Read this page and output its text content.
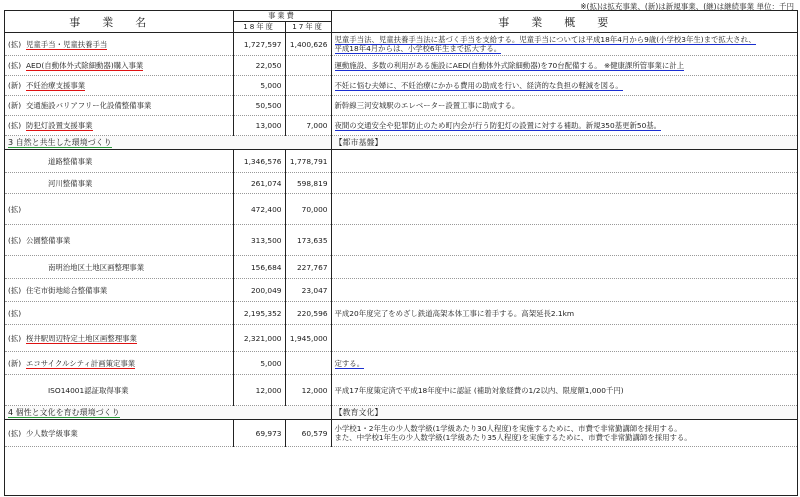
※(拡)は拡充事業、(新)は新規事業、(継)は継続事業 単位：千円
事業名	事業費		事業概要
	18年度	17年度	
(拡) 児童手当・児童扶養手当	1,727,597	1,400,626	児童手当法、児童扶養手当法に基づく手当を支給する。児童手当については平成18年4月から9歳(小学校3年生)まで拡大され、
平成18年4月からは、小学校6年生まで拡大する。

(拡) AED(自動体外式除細動器)購入事業	22,050		運動施設、多数の利用がある施設にAED(自動体外式除細動器)を70台配備する。 ※健康課所管事業に計上

(新) 不妊治療支援事業	5,000		不妊に悩む夫婦に、不妊治療にかかる費用の助成を行い、経済的な負担の軽減を図る。

(新) 交通施設バリアフリー化設備整備事業	50,500		新幹線三河安城駅のエレベーター設置工事に助成する。

(拡) 防犯灯設置支援事業	13,000	7,000	夜間の交通安全や犯罪防止のため町内会が行う防犯灯の設置に対する補助。新規350基更新50基。

3 自然と共生した環境づくり			【都市基盤】
道路整備事業	1,346,576	1,778,791	

河川整備事業	261,074	598,819	

(拡)	472,400	70,000	

(拡) 公園整備事業	313,500	173,635	

南明治地区土地区画整理事業	156,684	227,767	

(拡) 住宅市街地総合整備事業	200,049	23,047	

(拡)	2,195,352	220,596	平成20年度完了をめざし鉄道高架本体工事に着手する。高架延長2.1km

(拡) 桜井駅周辺特定土地区画整理事業	2,321,000	1,945,000	

(新) エコサイクルシティ計画策定事業	5,000		定する。

ISO14001認証取得事業	12,000	12,000	平成17年度策定済で平成18年度中に認証 (補助対象経費の1/2以内、限度額1,000千円)

4 個性と文化を育む環境づくり			【教育文化】
(拡) 少人数学級事業	69,973	60,579	小学校1・2年生の少人数学級(1学級あたり30人程度)を実施するために、市費で非常勤講師を採用する。
また、中学校1年生の少人数学級(1学級あたり35人程度)を実施するために、市費で非常勤講師を採用する。
